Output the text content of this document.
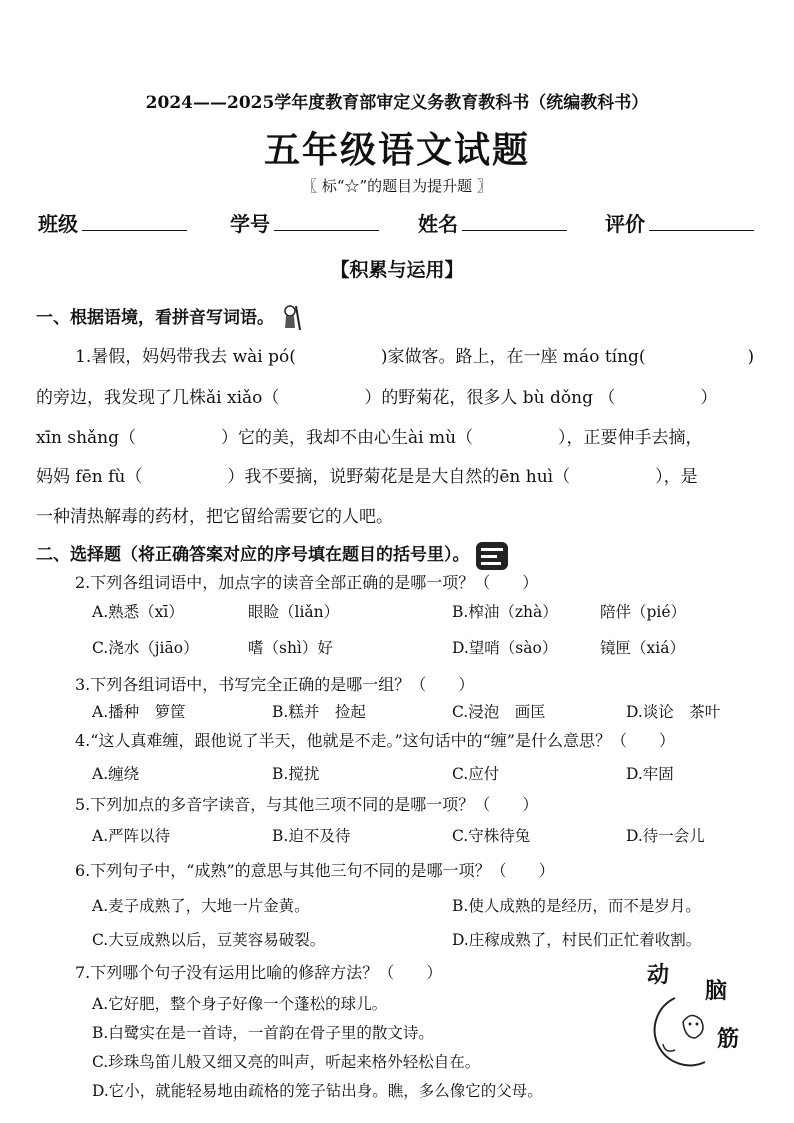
2024——2025学年度教育部审定义务教育教科书（统编教科书）
五年级语文试题
〖 标“☆”的题目为提升题 〗
班级	学号	姓名	评价
【积累与运用】
一、根据语境，看拼音写词语。
1.暑假，妈妈带我去 wài pó(　　　　　)家做客。路上，在一座 máo tíng(　　　　　　)
的旁边，我发现了几株ǎi xiǎo（　　　　　）的野菊花，很多人 bù dǒng （　　　　　）
xīn shǎng（　　　　　）它的美，我却不由心生ài mù（　　　　　），正要伸手去摘，
妈妈 fēn fù（　　　　　）我不要摘，说野菊花是是大自然的ēn huì（　　　　　），是
一种清热解毒的药材，把它留给需要它的人吧。
二、选择题（将正确答案对应的序号填在题目的括号里）。
2.下列各组词语中，加点字的读音全部正确的是哪一项？（　　）
A.熟悉（xī）	眼睑（liǎn）	B.榨油（zhà）	陪伴（pié）
C.浇水（jiāo）	嗜（shì）好	D.望哨（sào）	镜匣（xiá）
3.下列各组词语中，书写完全正确的是哪一组？（　　）
A.播种　箩筐	B.糕并　捡起	C.浸泡　画匡	D.谈论　茶叶
4.“这人真难缠，跟他说了半天，他就是不走。”这句话中的“缠”是什么意思？（　　）
A.缠绕	B.搅扰	C.应付	D.牢固
5.下列加点的多音字读音，与其他三项不同的是哪一项？（　　）
A.严阵以待	B.迫不及待	C.守株待兔	D.待一会儿
6.下列句子中，“成熟”的意思与其他三句不同的是哪一项？（　　）
A.麦子成熟了，大地一片金黄。	B.使人成熟的是经历，而不是岁月。
C.大豆成熟以后，豆荚容易破裂。	D.庄稼成熟了，村民们正忙着收割。
7.下列哪个句子没有运用比喻的修辞方法？（　　）
A.它好肥，整个身子好像一个蓬松的球儿。
B.白鹭实在是一首诗，一首韵在骨子里的散文诗。
C.珍珠鸟笛儿般又细又亮的叫声，听起来格外轻松自在。
D.它小，就能轻易地由疏格的笼子钻出身。瞧，多么像它的父母。
动
脑
筋
